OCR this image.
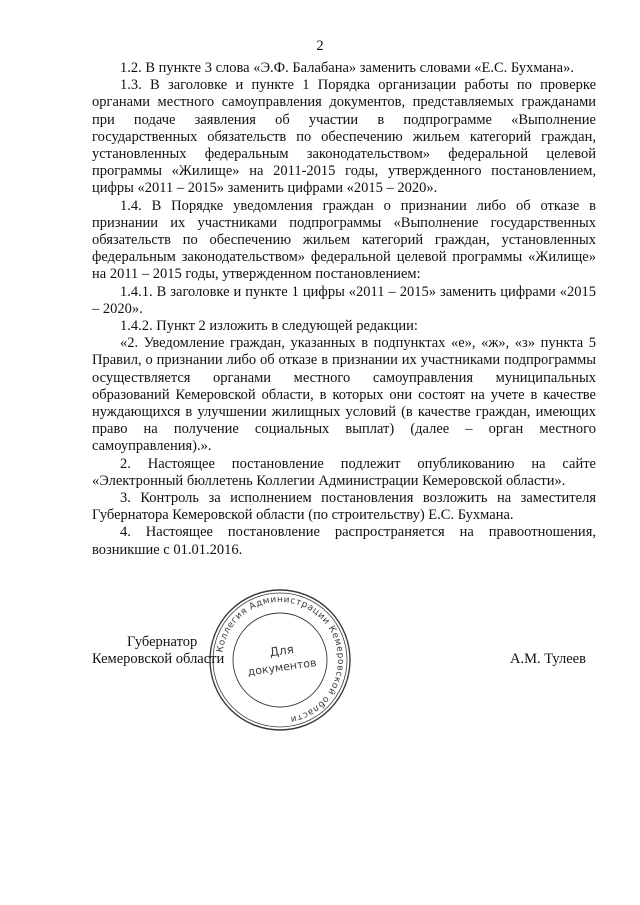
2

1.2. В пункте 3 слова «Э.Ф. Балабана» заменить словами «Е.С. Бухмана».

1.3. В заголовке и пункте 1 Порядка организации работы по проверке органами местного самоуправления документов, представляемых гражданами при подаче заявления об участии в подпрограмме «Выполнение государственных обязательств по обеспечению жильем категорий граждан, установленных федеральным законодательством» федеральной целевой программы «Жилище» на 2011-2015 годы, утвержденного постановлением, цифры «2011 – 2015» заменить цифрами «2015 – 2020».

1.4. В Порядке уведомления граждан о признании либо об отказе в признании их участниками подпрограммы «Выполнение государственных обязательств по обеспечению жильем категорий граждан, установленных федеральным законодательством» федеральной целевой программы «Жилище» на 2011 – 2015 годы, утвержденном постановлением:

1.4.1. В заголовке и пункте 1 цифры «2011 – 2015» заменить цифрами «2015 – 2020».

1.4.2. Пункт 2 изложить в следующей редакции:

«2. Уведомление граждан, указанных в подпунктах «е», «ж», «з» пункта 5 Правил, о признании либо об отказе в признании их участниками подпрограммы осуществляется органами местного самоуправления муниципальных образований Кемеровской области, в которых они состоят на учете в качестве нуждающихся в улучшении жилищных условий (в качестве граждан, имеющих право на получение социальных выплат) (далее – орган местного самоуправления).».

2. Настоящее постановление подлежит опубликованию на сайте «Электронный бюллетень Коллегии Администрации Кемеровской области».

3. Контроль за исполнением постановления возложить на заместителя Губернатора Кемеровской области (по строительству) Е.С. Бухмана.

4. Настоящее постановление распространяется на правоотношения, возникшие с 01.01.2016.

Коллегия Администрации Кемеровской области
Для
документов
Губернатор
Кемеровской области	А.М. Тулеев
